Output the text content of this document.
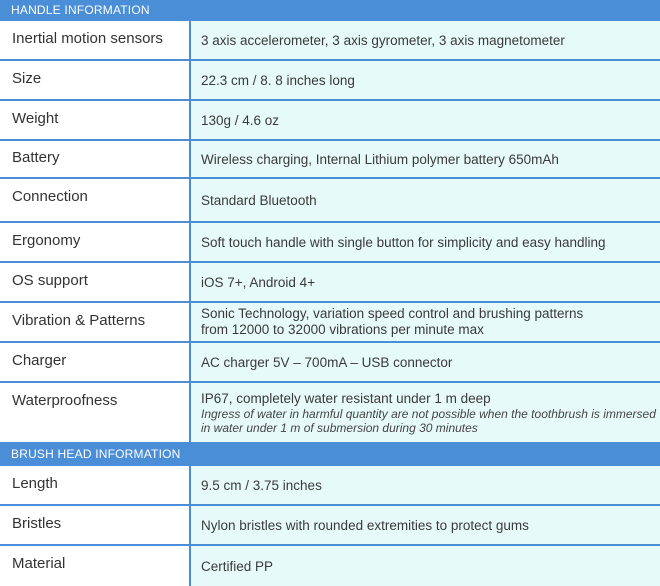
HANDLE INFORMATION
Inertial motion sensors	3 axis accelerometer, 3 axis gyrometer, 3 axis magnetometer
Size	22.3 cm / 8. 8 inches long
Weight	130g / 4.6 oz
Battery	Wireless charging, Internal Lithium polymer battery 650mAh
Connection	Standard Bluetooth
Ergonomy	Soft touch handle with single button for simplicity and easy handling
OS support	iOS 7+, Android 4+
Vibration & Patterns	Sonic Technology, variation speed control and brushing patterns
from 12000 to 32000 vibrations per minute max
Charger	AC charger 5V – 700mA – USB connector
Waterproofness	IP67, completely water resistant under 1 m deep
Ingress of water in harmful quantity are not possible when the toothbrush is immersed
in water under 1 m of submersion during 30 minutes
BRUSH HEAD INFORMATION
Length	9.5 cm / 3.75 inches
Bristles	Nylon bristles with rounded extremities to protect gums
Material	Certified PP
